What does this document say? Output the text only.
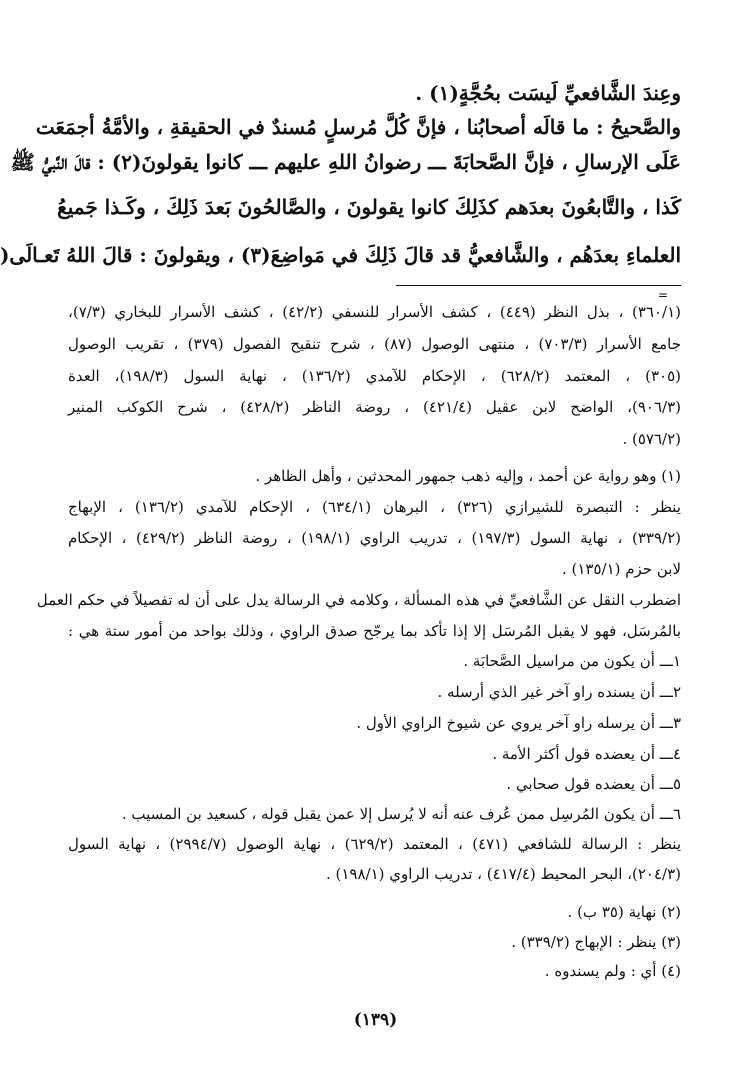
وعِندَ الشَّافعيِّ لَيسَت بحُجَّةٍ(١) .
والصَّحيحُ : ما قالَه أصحابُنا ، فإنَّ كُلَّ مُرسلٍ مُسندٌ في الحقيقةِ ، والأمَّةُ أجمَعَت
عَلَى الإرسالِ ، فإنَّ الصَّحابَةَ ـــ رضوانُ اللهِ عليهم ـــ كانوا يقولونَ(٢) : قالَ النَّبيُّ ﷺ
كَذا ، والتَّابعُونَ بعدَهم كذَلِكَ كانوا يقولونَ ، والصَّالحُونَ بَعدَ ذَلِكَ ، وكَـذا جَميعُ
العلماءِ بعدَهُم ، والشَّافعيُّ قد قالَ ذَلِكَ في مَواضِعَ(٣) ، ويقولونَ : قالَ اللهُ تَعـالَى(
=
(٣٦٠/١) ، بذل النظر (٤٤٩) ، كشف الأسرار للنسفي (٤٢/٢) ، كشف الأسرار للبخاري (٧/٣)،
جامع الأسرار (٧٠٣/٣) ، منتهى الوصول (٨٧) ، شرح تنقيح الفصول (٣٧٩) ، تقريب الوصول
(٣٠٥) ، المعتمد (٦٢٨/٢) ، الإحكام للآمدي (١٣٦/٢) ، نهاية السول (١٩٨/٣)، العدة
(٩٠٦/٣)، الواضح لابن عقيل (٤٢١/٤) ، روضة الناظر (٤٢٨/٢) ، شرح الكوكب المنير
(٥٧٦/٢) .
(١) وهو رواية عن أحمد ، وإليه ذهب جمهور المحدثين ، وأهل الظاهر .
ينظر : التبصرة للشيرازي (٣٢٦) ، البرهان (٦٣٤/١) ، الإحكام للآمدي (١٣٦/٢) ، الإبهاج
(٣٣٩/٢) ، نهاية السول (١٩٧/٣) ، تدريب الراوي (١٩٨/١) ، روضة الناظر (٤٢٩/٢) ، الإحكام
لابن حزم (١٣٥/١) .
اضطرب النقل عن الشَّافعيِّ في هذه المسألة ، وكلامه في الرسالة يدل على أن له تفصيلاً في حكم العمل
بالمُرسَل، فهو لا يقبل المُرسَل إلا إذا تأكد بما يرجّح صدق الراوي ، وذلك بواحد من أمور ستة هي :
١ـــ أن يكون من مراسيل الصَّحابَة .
٢ـــ أن يسنده راو آخر غير الذي أرسله .
٣ـــ أن يرسله راو آخر يروي عن شيوخ الراوي الأول .
٤ـــ أن يعضده قول أكثر الأمة .
٥ـــ أن يعضده قول صحابي .
٦ـــ أن يكون المُرسِل ممن عُرف عنه أنه لا يُرسل إلا عمن يقبل قوله ، كسعيد بن المسيب .
ينظر : الرسالة للشافعي (٤٧١) ، المعتمد (٦٢٩/٢) ، نهاية الوصول (٢٩٩٤/٧) ، نهاية السول
(٢٠٤/٣)، البحر المحيط (٤١٧/٤) ، تدريب الراوي (١٩٨/١) .
(٢) نهاية (٣٥ ب) .
(٣) ينظر : الإبهاج (٣٣٩/٢) .
(٤) أي : ولم يسندوه .
(١٣٩)
